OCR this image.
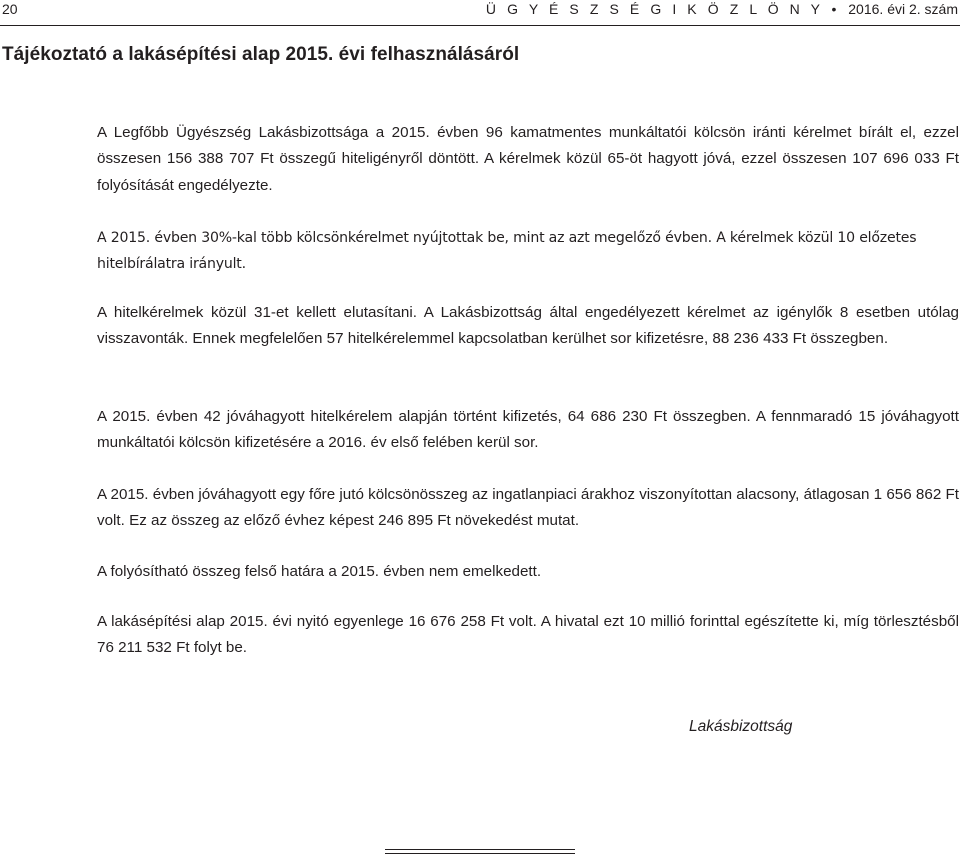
20	Ü G Y É S Z S É G I K Ö Z L Ö N Y • 2016. évi 2. szám
Tájékoztató a lakásépítési alap 2015. évi felhasználásáról

A Legfőbb Ügyészség Lakásbizottsága a 2015. évben 96 kamatmentes munkáltatói kölcsön iránti kérelmet bírált el, ezzel összesen 156 388 707 Ft összegű hiteligényről döntött. A kérelmek közül 65-öt hagyott jóvá, ezzel összesen 107 696 033 Ft folyósítását engedélyezte.

A 2015. évben 30%-kal több kölcsönkérelmet nyújtottak be, mint az azt megelőző évben. A kérelmek közül 10 előzetes hitelbírálatra irányult.

A hitelkérelmek közül 31-et kellett elutasítani. A Lakásbizottság által engedélyezett kérelmet az igénylők 8 esetben utólag visszavonták. Ennek megfelelően 57 hitelkérelemmel kapcsolatban kerülhet sor kifizetésre, 88 236 433 Ft összegben.

A 2015. évben 42 jóváhagyott hitelkérelem alapján történt kifizetés, 64 686 230 Ft összegben. A fennmaradó 15 jóváhagyott munkáltatói kölcsön kifizetésére a 2016. év első felében kerül sor.

A 2015. évben jóváhagyott egy főre jutó kölcsönösszeg az ingatlanpiaci árakhoz viszonyítottan alacsony, átlagosan 1 656 862 Ft volt. Ez az összeg az előző évhez képest 246 895 Ft növekedést mutat.

A folyósítható összeg felső határa a 2015. évben nem emelkedett.

A lakásépítési alap 2015. évi nyitó egyenlege 16 676 258 Ft volt. A hivatal ezt 10 millió forinttal egészítette ki, míg törlesztésből 76 211 532 Ft folyt be.

Lakásbizottság
